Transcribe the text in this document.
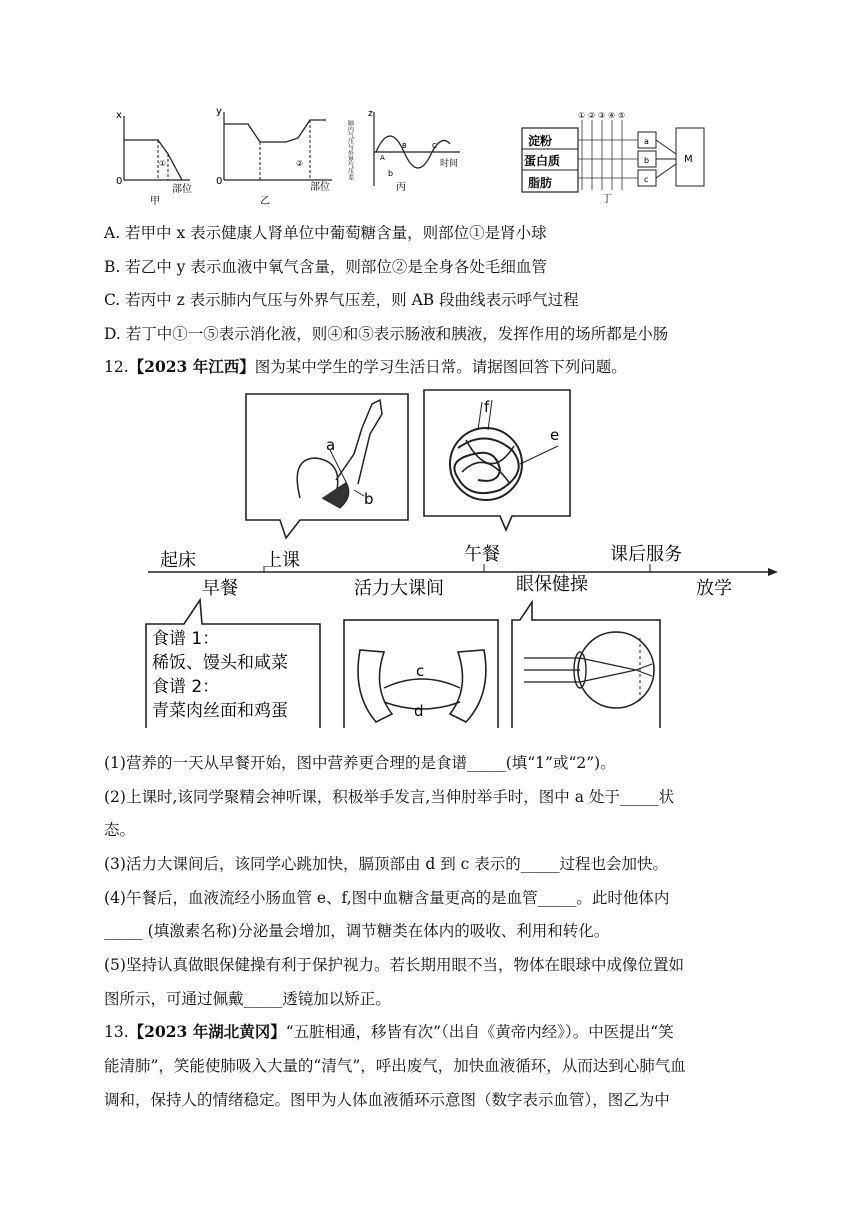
x
0
①
部位
甲
y
0
②
部位
乙
z
肺内气压与外界气压差	A
B	C
b
时间
丙
淀粉
蛋白质
脂肪
① ② ③ ④ ⑤
a
b
c
M
丁
A. 若甲中 x 表示健康人肾单位中葡萄糖含量，则部位①是肾小球
B. 若乙中 y 表示血液中氧气含量，则部位②是全身各处毛细血管
C. 若丙中 z 表示肺内气压与外界气压差，则 AB 段曲线表示呼气过程
D. 若丁中①一⑤表示消化液，则④和⑤表示肠液和胰液，发挥作用的场所都是小肠
12.【2023 年江西】图为某中学生的学习生活日常。请据图回答下列问题。
a
b
f
e
起床	上课	午餐	课后服务
早餐	活力大课间	眼保健操	放学
食谱 1：
稀饭、馒头和咸菜
食谱 2：
青菜肉丝面和鸡蛋
c
d
(1)营养的一天从早餐开始，图中营养更合理的是食谱_____(填“1”或“2”)。
(2)上课时,该同学聚精会神听课，积极举手发言,当伸肘举手时，图中 a 处于_____状
态。
(3)活力大课间后，该同学心跳加快，膈顶部由 d 到 c 表示的_____过程也会加快。
(4)午餐后，血液流经小肠血管 e、f,图中血糖含量更高的是血管_____。此时他体内
_____ (填激素名称)分泌量会增加，调节糖类在体内的吸收、利用和转化。
(5)坚持认真做眼保健操有利于保护视力。若长期用眼不当，物体在眼球中成像位置如
图所示，可通过佩戴_____透镜加以矫正。
13.【2023 年湖北黄冈】“五脏相通，移皆有次”（出自《黄帝内经》）。中医提出“笑
能清肺”，笑能使肺吸入大量的“清气”，呼出废气，加快血液循环，从而达到心肺气血
调和，保持人的情绪稳定。图甲为人体血液循环示意图（数字表示血管），图乙为中
